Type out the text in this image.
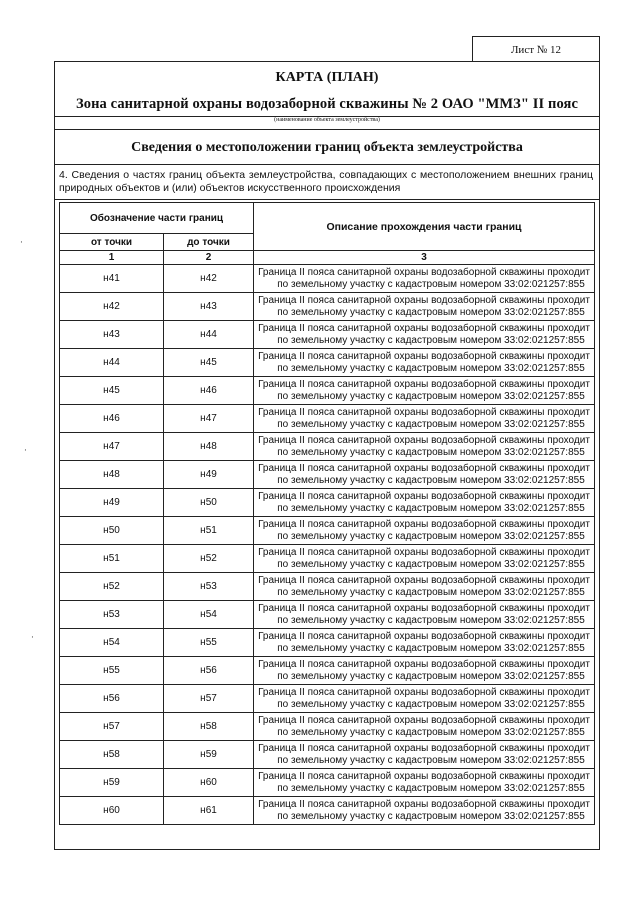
Лист № 12
КАРТА (ПЛАН)
Зона санитарной охраны водозаборной скважины № 2 ОАО "ММЗ" II пояс
(наименование объекта землеустройства)
Сведения о местоположении границ объекта землеустройства
4. Сведения о частях границ объекта землеустройства, совпадающих с местоположением внешних границ природных объектов и (или) объектов искусственного происхождения
Обозначение части границ		Описание прохождения части границ
от точки	до точки	
1	2	3
н41	н42	Граница II пояса санитарной охраны водозаборной скважины проходит
по земельному участку с кадастровым номером 33:02:021257:855

н42	н43	Граница II пояса санитарной охраны водозаборной скважины проходит
по земельному участку с кадастровым номером 33:02:021257:855

н43	н44	Граница II пояса санитарной охраны водозаборной скважины проходит
по земельному участку с кадастровым номером 33:02:021257:855

н44	н45	Граница II пояса санитарной охраны водозаборной скважины проходит
по земельному участку с кадастровым номером 33:02:021257:855

н45	н46	Граница II пояса санитарной охраны водозаборной скважины проходит
по земельному участку с кадастровым номером 33:02:021257:855

н46	н47	Граница II пояса санитарной охраны водозаборной скважины проходит
по земельному участку с кадастровым номером 33:02:021257:855

н47	н48	Граница II пояса санитарной охраны водозаборной скважины проходит
по земельному участку с кадастровым номером 33:02:021257:855

н48	н49	Граница II пояса санитарной охраны водозаборной скважины проходит
по земельному участку с кадастровым номером 33:02:021257:855

н49	н50	Граница II пояса санитарной охраны водозаборной скважины проходит
по земельному участку с кадастровым номером 33:02:021257:855

н50	н51	Граница II пояса санитарной охраны водозаборной скважины проходит
по земельному участку с кадастровым номером 33:02:021257:855

н51	н52	Граница II пояса санитарной охраны водозаборной скважины проходит
по земельному участку с кадастровым номером 33:02:021257:855

н52	н53	Граница II пояса санитарной охраны водозаборной скважины проходит
по земельному участку с кадастровым номером 33:02:021257:855

н53	н54	Граница II пояса санитарной охраны водозаборной скважины проходит
по земельному участку с кадастровым номером 33:02:021257:855

н54	н55	Граница II пояса санитарной охраны водозаборной скважины проходит
по земельному участку с кадастровым номером 33:02:021257:855

н55	н56	Граница II пояса санитарной охраны водозаборной скважины проходит
по земельному участку с кадастровым номером 33:02:021257:855

н56	н57	Граница II пояса санитарной охраны водозаборной скважины проходит
по земельному участку с кадастровым номером 33:02:021257:855

н57	н58	Граница II пояса санитарной охраны водозаборной скважины проходит
по земельному участку с кадастровым номером 33:02:021257:855

н58	н59	Граница II пояса санитарной охраны водозаборной скважины проходит
по земельному участку с кадастровым номером 33:02:021257:855

н59	н60	Граница II пояса санитарной охраны водозаборной скважины проходит
по земельному участку с кадастровым номером 33:02:021257:855

н60	н61	Граница II пояса санитарной охраны водозаборной скважины проходит
по земельному участку с кадастровым номером 33:02:021257:855
·
·
·
